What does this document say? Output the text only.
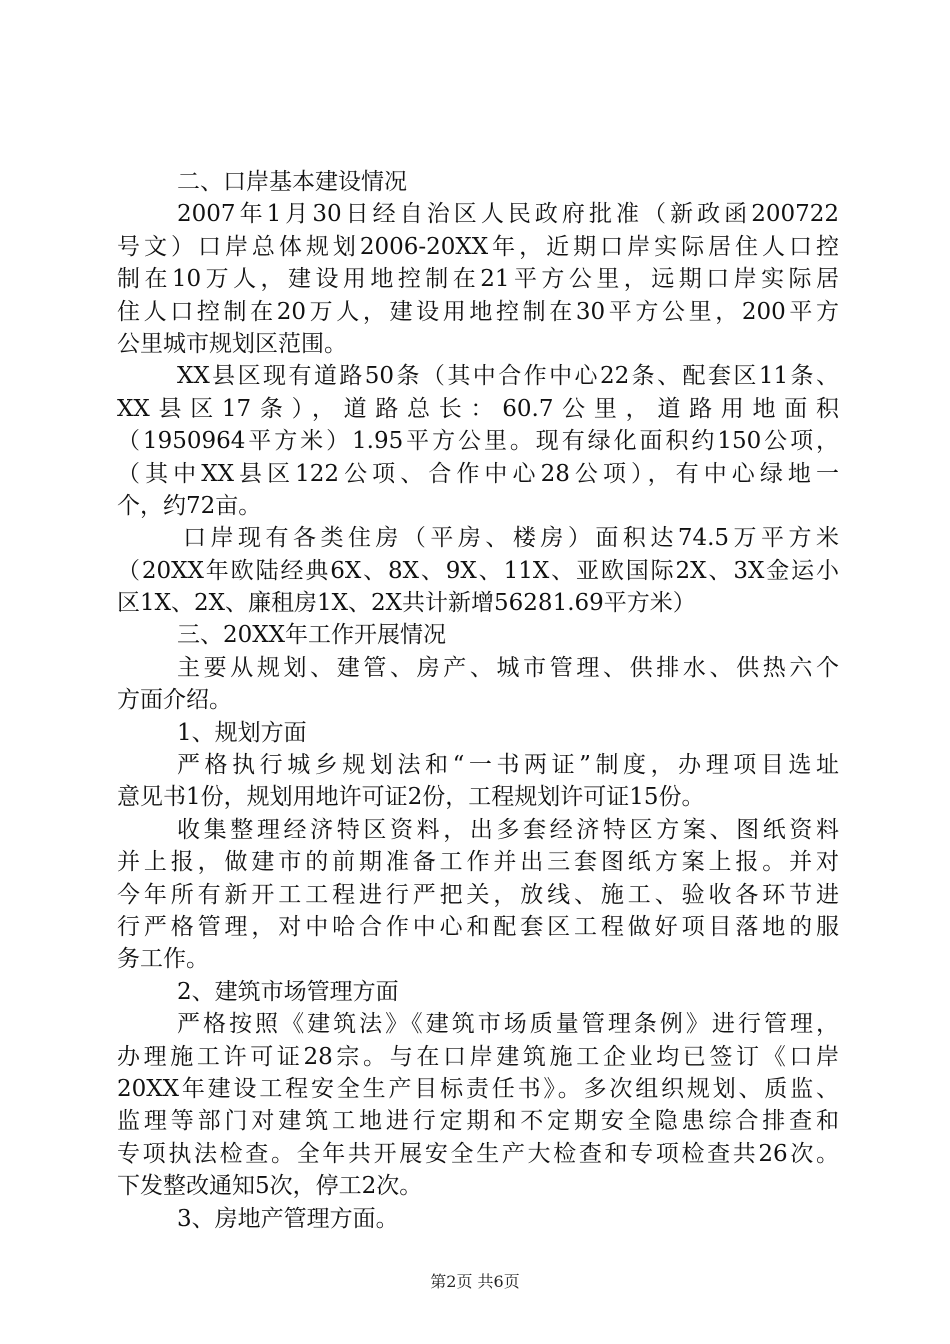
二、口岸基本建设情况
2007年1月30日经自治区人民政府批准（新政函200722
号文）口岸总体规划2006-20XX年，近期口岸实际居住人口控
制在10万人，建设用地控制在21平方公里，远期口岸实际居
住人口控制在20万人，建设用地控制在30平方公里，200平方
公里城市规划区范围。
XX县区现有道路50条（其中合作中心22条、配套区11条、
XX县区17条），道路总长：60.7公里，道路用地面积
（1950964平方米）1.95平方公里。现有绿化面积约150公项，
（其中XX县区122公项、合作中心28公项），有中心绿地一
个，约72亩。
口岸现有各类住房（平房、楼房）面积达74.5万平方米
（20XX年欧陆经典6X、8X、9X、11X、亚欧国际2X、3X金运小
区1X、2X、廉租房1X、2X共计新增56281.69平方米）
三、20XX年工作开展情况
主要从规划、建管、房产、城市管理、供排水、供热六个
方面介绍。
1、规划方面
严格执行城乡规划法和“一书两证”制度，办理项目选址
意见书1份，规划用地许可证2份，工程规划许可证15份。
收集整理经济特区资料，出多套经济特区方案、图纸资料
并上报，做建市的前期准备工作并出三套图纸方案上报。并对
今年所有新开工工程进行严把关，放线、施工、验收各环节进
行严格管理，对中哈合作中心和配套区工程做好项目落地的服
务工作。
2、建筑市场管理方面
严格按照《建筑法》《建筑市场质量管理条例》进行管理，
办理施工许可证28宗。与在口岸建筑施工企业均已签订《口岸
20XX年建设工程安全生产目标责任书》。多次组织规划、质监、
监理等部门对建筑工地进行定期和不定期安全隐患综合排查和
专项执法检查。全年共开展安全生产大检查和专项检查共26次。
下发整改通知5次，停工2次。
3、房地产管理方面。
第2页 共6页
